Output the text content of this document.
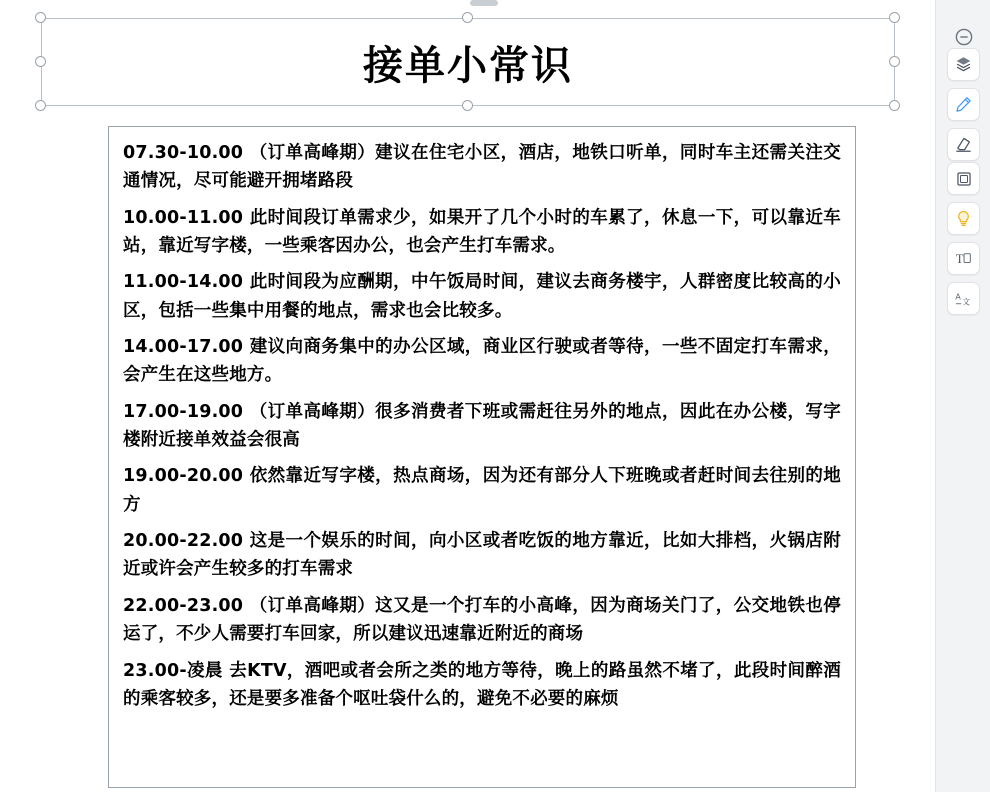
接单小常识

07.30-10.00 （订单高峰期）建议在住宅小区，酒店，地铁口听单，同时车主还需关注交通情况，尽可能避开拥堵路段

10.00-11.00 此时间段订单需求少，如果开了几个小时的车累了，休息一下，可以靠近车站，靠近写字楼，一些乘客因办公，也会产生打车需求。

11.00-14.00 此时间段为应酬期，中午饭局时间，建议去商务楼宇，人群密度比较高的小区，包括一些集中用餐的地点，需求也会比较多。

14.00-17.00 建议向商务集中的办公区域，商业区行驶或者等待，一些不固定打车需求，会产生在这些地方。

17.00-19.00 （订单高峰期）很多消费者下班或需赶往另外的地点，因此在办公楼，写字楼附近接单效益会很高

19.00-20.00 依然靠近写字楼，热点商场，因为还有部分人下班晚或者赶时间去往别的地方

20.00-22.00 这是一个娱乐的时间，向小区或者吃饭的地方靠近，比如大排档，火锅店附近或许会产生较多的打车需求

22.00-23.00 （订单高峰期）这又是一个打车的小高峰，因为商场关门了，公交地铁也停运了，不少人需要打车回家，所以建议迅速靠近附近的商场

23.00-凌晨 去KTV，酒吧或者会所之类的地方等待，晚上的路虽然不堵了，此段时间醉酒的乘客较多，还是要多准备个呕吐袋什么的，避免不必要的麻烦

T
A
文
